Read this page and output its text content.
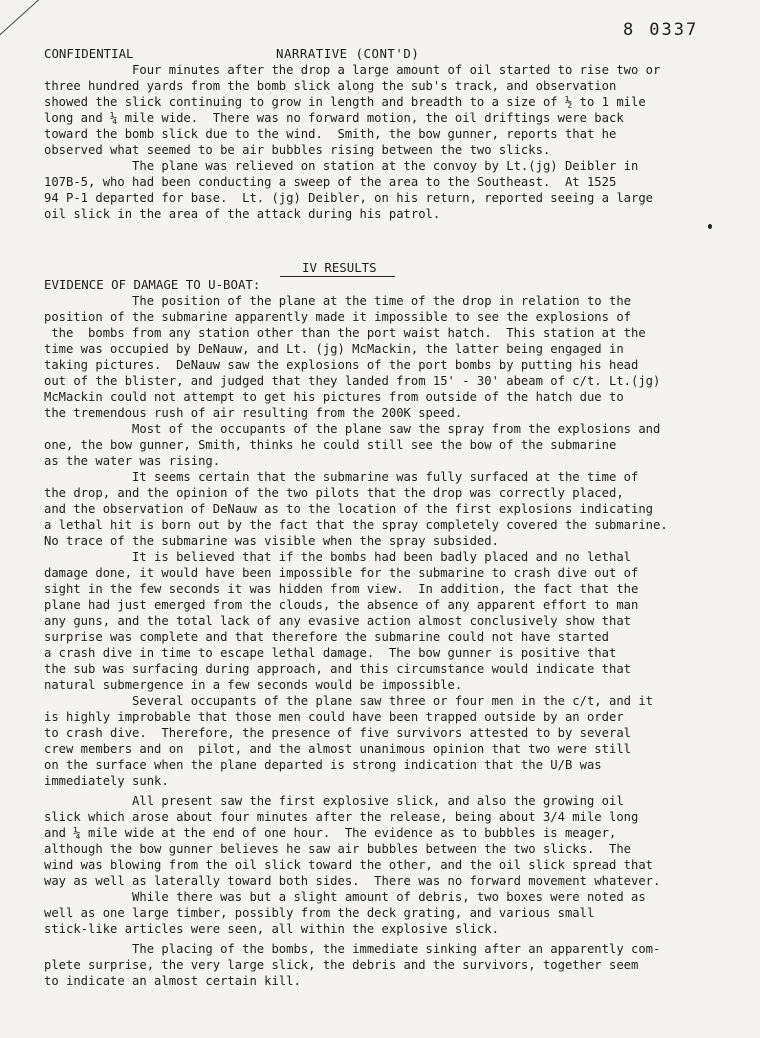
8 0337
CONFIDENTIAL	NARRATIVE (CONT'D)
Four minutes after the drop a large amount of oil started to rise two or
three hundred yards from the bomb slick along the sub's track, and observation
showed the slick continuing to grow in length and breadth to a size of ½ to 1 mile
long and ¼ mile wide.  There was no forward motion, the oil driftings were back
toward the bomb slick due to the wind.  Smith, the bow gunner, reports that he
observed what seemed to be air bubbles rising between the two slicks.
The plane was relieved on station at the convoy by Lt.(jg) Deibler in
107B-5, who had been conducting a sweep of the area to the Southeast.  At 1525
94 P-1 departed for base.  Lt. (jg) Deibler, on his return, reported seeing a large
oil slick in the area of the attack during his patrol.
IV RESULTS
EVIDENCE OF DAMAGE TO U-BOAT:
The position of the plane at the time of the drop in relation to the
position of the submarine apparently made it impossible to see the explosions of
the  bombs from any station other than the port waist hatch.  This station at the
time was occupied by DeNauw, and Lt. (jg) McMackin, the latter being engaged in
taking pictures.  DeNauw saw the explosions of the port bombs by putting his head
out of the blister, and judged that they landed from 15' - 30' abeam of c/t. Lt.(jg)
McMackin could not attempt to get his pictures from outside of the hatch due to
the tremendous rush of air resulting from the 200K speed.
Most of the occupants of the plane saw the spray from the explosions and
one, the bow gunner, Smith, thinks he could still see the bow of the submarine
as the water was rising.
It seems certain that the submarine was fully surfaced at the time of
the drop, and the opinion of the two pilots that the drop was correctly placed,
and the observation of DeNauw as to the location of the first explosions indicating
a lethal hit is born out by the fact that the spray completely covered the submarine.
No trace of the submarine was visible when the spray subsided.
It is believed that if the bombs had been badly placed and no lethal
damage done, it would have been impossible for the submarine to crash dive out of
sight in the few seconds it was hidden from view.  In addition, the fact that the
plane had just emerged from the clouds, the absence of any apparent effort to man
any guns, and the total lack of any evasive action almost conclusively show that
surprise was complete and that therefore the submarine could not have started
a crash dive in time to escape lethal damage.  The bow gunner is positive that
the sub was surfacing during approach, and this circumstance would indicate that
natural submergence in a few seconds would be impossible.
Several occupants of the plane saw three or four men in the c/t, and it
is highly improbable that those men could have been trapped outside by an order
to crash dive.  Therefore, the presence of five survivors attested to by several
crew members and on  pilot, and the almost unanimous opinion that two were still
on the surface when the plane departed is strong indication that the U/B was
immediately sunk.
All present saw the first explosive slick, and also the growing oil
slick which arose about four minutes after the release, being about 3/4 mile long
and ¼ mile wide at the end of one hour.  The evidence as to bubbles is meager,
although the bow gunner believes he saw air bubbles between the two slicks.  The
wind was blowing from the oil slick toward the other, and the oil slick spread that
way as well as laterally toward both sides.  There was no forward movement whatever.
While there was but a slight amount of debris, two boxes were noted as
well as one large timber, possibly from the deck grating, and various small
stick-like articles were seen, all within the explosive slick.
The placing of the bombs, the immediate sinking after an apparently com-
plete surprise, the very large slick, the debris and the survivors, together seem
to indicate an almost certain kill.
